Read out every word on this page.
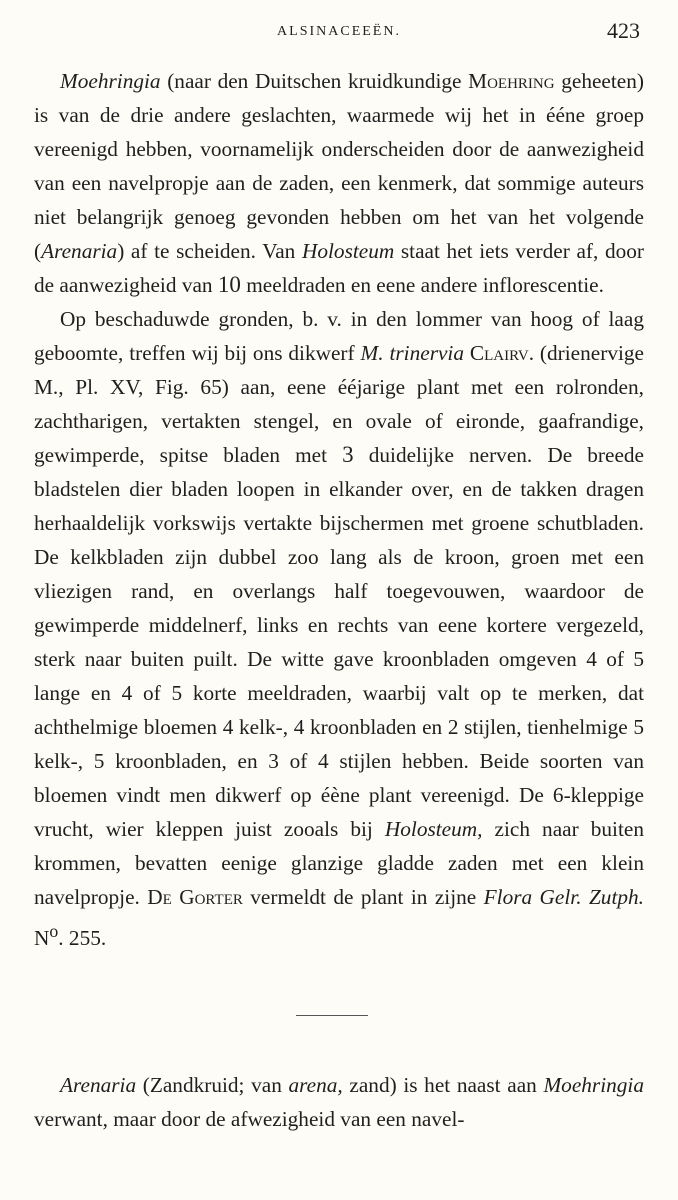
ALSINACEEËN.	423

Moehringia (naar den Duitschen kruidkundige Moehring geheeten) is van de drie andere geslachten, waarmede wij het in ééne groep vereenigd hebben, voornamelijk onderscheiden door de aanwezigheid van een navelpropje aan de zaden, een kenmerk, dat sommige auteurs niet belangrijk genoeg gevonden hebben om het van het volgende (Arenaria) af te scheiden. Van Holosteum staat het iets verder af, door de aanwezigheid van 10 meeldraden en eene andere inflorescentie.

Op beschaduwde gronden, b. v. in den lommer van hoog of laag geboomte, treffen wij bij ons dikwerf M. trinervia Clairv. (drienervige M., Pl. XV, Fig. 65) aan, eene ééjarige plant met een rolronden, zachtharigen, vertakten stengel, en ovale of eironde, gaafrandige, gewimperde, spitse bladen met 3 duidelijke nerven. De breede bladstelen dier bladen loopen in elkander over, en de takken dragen herhaaldelijk vorkswijs vertakte bijschermen met groene schutbladen. De kelkbladen zijn dubbel zoo lang als de kroon, groen met een vliezigen rand, en overlangs half toegevouwen, waardoor de gewimperde middelnerf, links en rechts van eene kortere vergezeld, sterk naar buiten puilt. De witte gave kroonbladen omgeven 4 of 5 lange en 4 of 5 korte meeldraden, waarbij valt op te merken, dat achthelmige bloemen 4 kelk-, 4 kroonbladen en 2 stijlen, tienhelmige 5 kelk-, 5 kroonbladen, en 3 of 4 stijlen hebben. Beide soorten van bloemen vindt men dikwerf op éène plant vereenigd. De 6-kleppige vrucht, wier kleppen juist zooals bij Holosteum, zich naar buiten krommen, bevatten eenige glanzige gladde zaden met een klein navelpropje. De Gorter vermeldt de plant in zijne Flora Gelr. Zutph. $N^o$. 255.

Arenaria (Zandkruid; van arena, zand) is het naast aan Moehringia verwant, maar door de afwezigheid van een navel-
